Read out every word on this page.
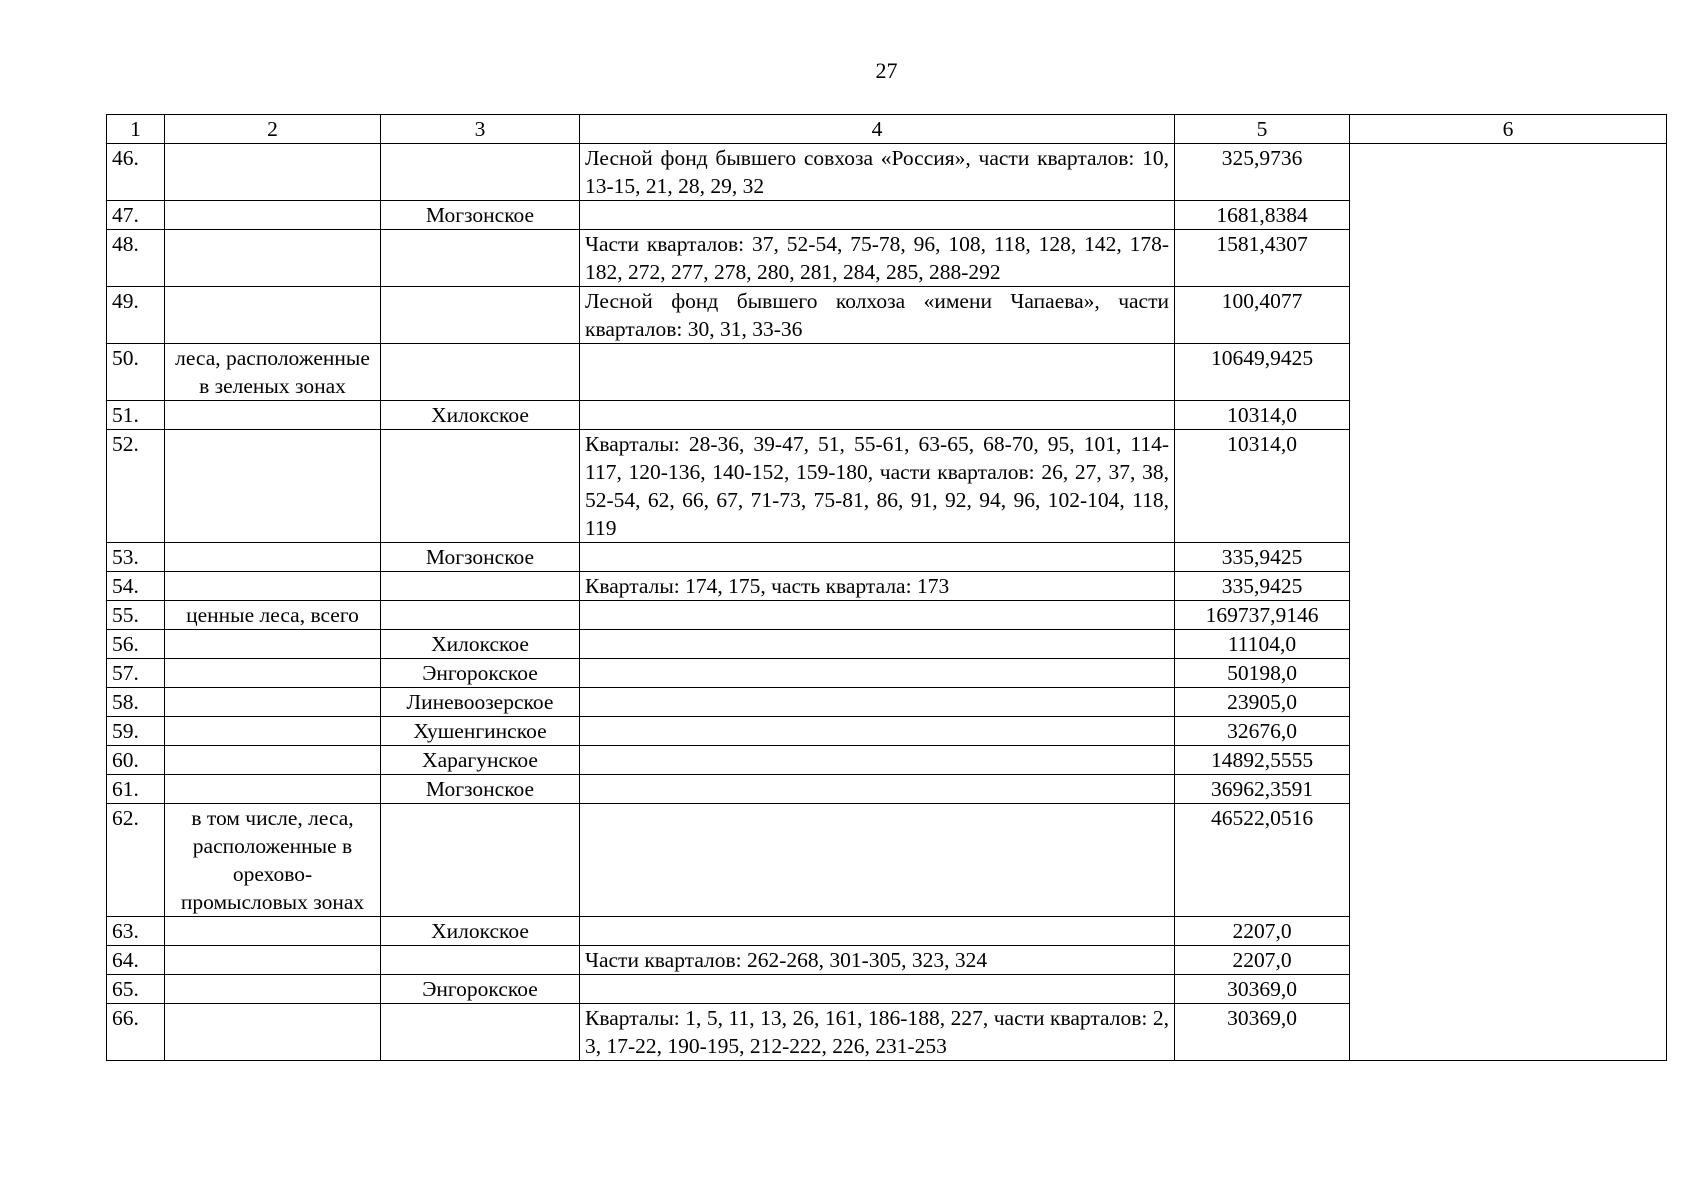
27
1	2	3	4	5	6
46.			Лесной фонд бывшего совхоза «Россия», части кварталов: 10, 13-15, 21, 28, 29, 32	325,9736	
47.		Могзонское		1681,8384	
48.			Части кварталов: 37, 52-54, 75-78, 96, 108, 118, 128, 142, 178-182, 272, 277, 278, 280, 281, 284, 285, 288-292	1581,4307	
49.			Лесной фонд бывшего колхоза «имени Чапаева», части кварталов: 30, 31, 33-36	100,4077	
50.	леса, расположенные в зеленых зонах			10649,9425	
51.		Хилокское		10314,0	
52.			Кварталы: 28-36, 39-47, 51, 55-61, 63-65, 68-70, 95, 101, 114-117, 120-136, 140-152, 159-180, части кварталов: 26, 27, 37, 38, 52-54, 62, 66, 67, 71-73, 75-81, 86, 91, 92, 94, 96, 102-104, 118, 119	10314,0	
53.		Могзонское		335,9425	
54.			Кварталы: 174, 175, часть квартала: 173	335,9425	
55.	ценные леса, всего			169737,9146	
56.		Хилокское		11104,0	
57.		Энгорокское		50198,0	
58.		Линевоозерское		23905,0	
59.		Хушенгинское		32676,0	
60.		Харагунское		14892,5555	
61.		Могзонское		36962,3591	
62.	в том числе, леса, расположенные в орехово-промысловых зонах			46522,0516	
63.		Хилокское		2207,0	
64.			Части кварталов: 262-268, 301-305, 323, 324	2207,0	
65.		Энгорокское		30369,0	
66.			Кварталы: 1, 5, 11, 13, 26, 161, 186-188, 227, части кварталов: 2, 3, 17-22, 190-195, 212-222, 226, 231-253	30369,0	
